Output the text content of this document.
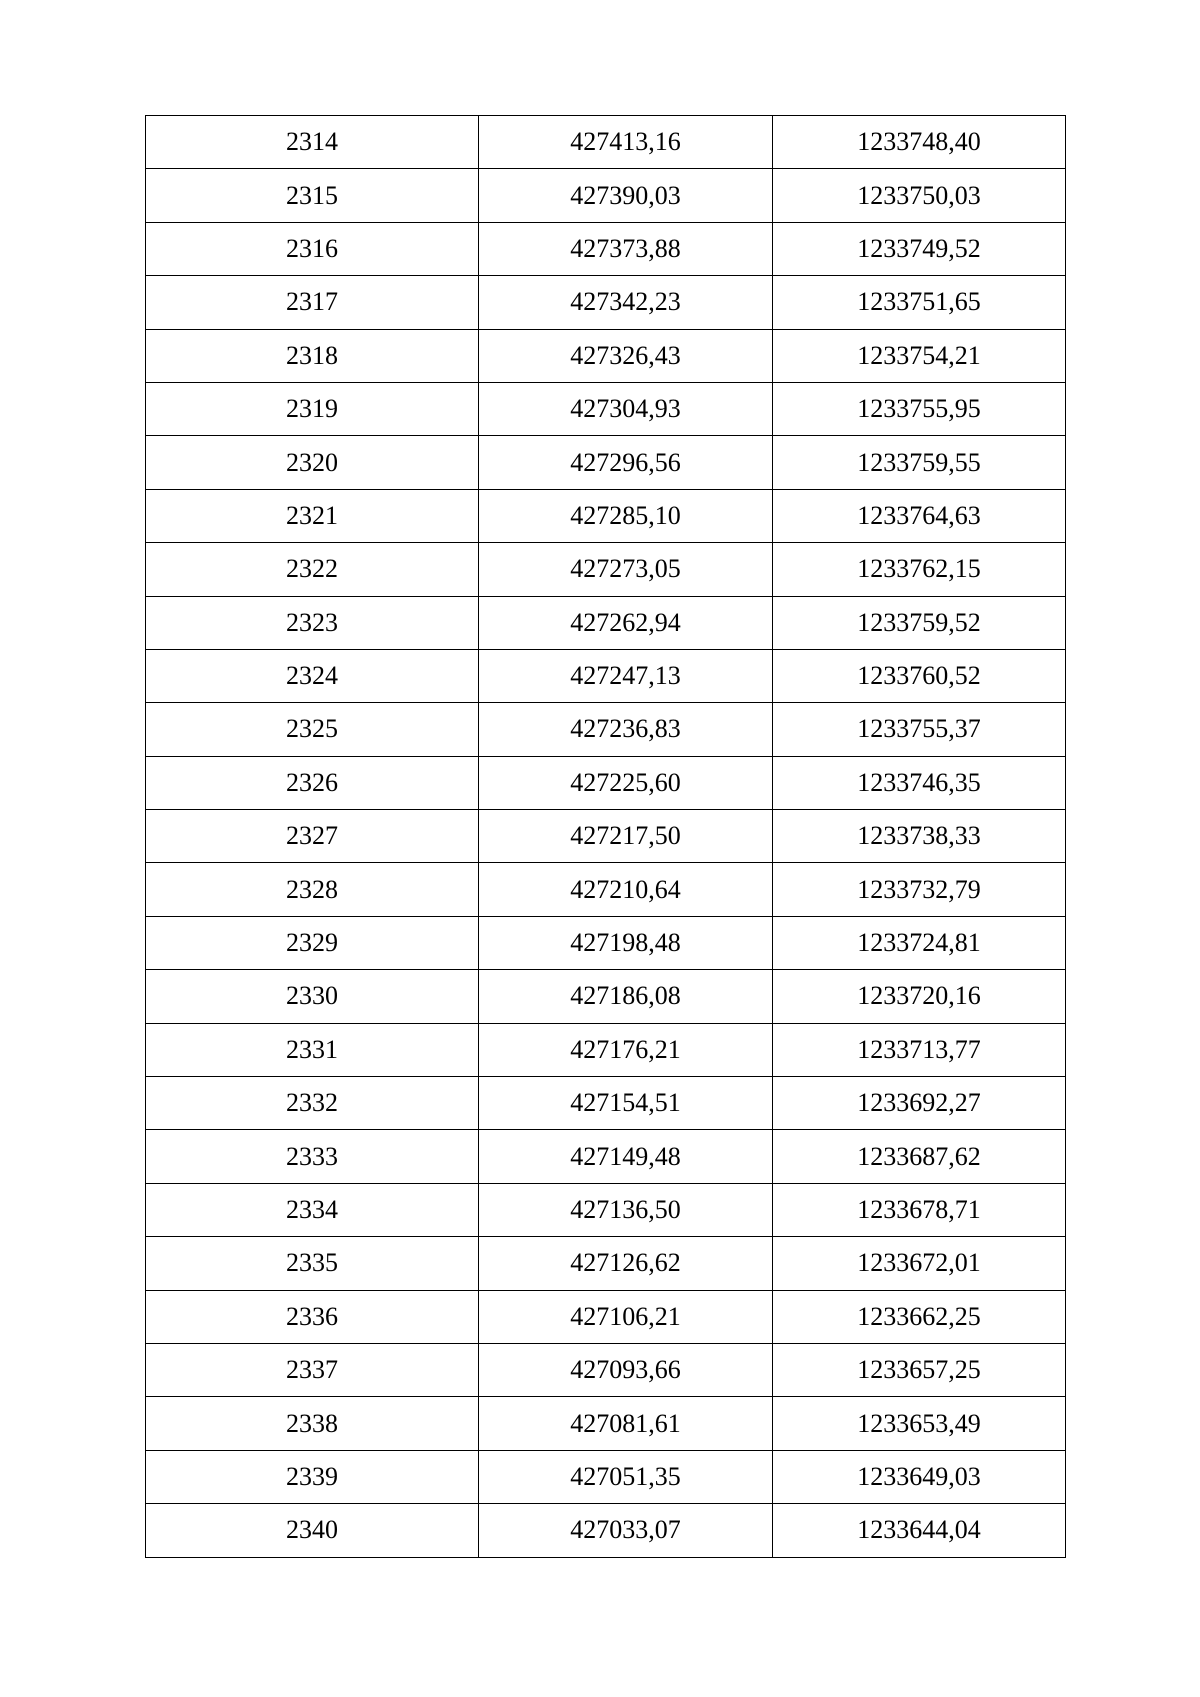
2314	427413,16	1233748,40
2315	427390,03	1233750,03
2316	427373,88	1233749,52
2317	427342,23	1233751,65
2318	427326,43	1233754,21
2319	427304,93	1233755,95
2320	427296,56	1233759,55
2321	427285,10	1233764,63
2322	427273,05	1233762,15
2323	427262,94	1233759,52
2324	427247,13	1233760,52
2325	427236,83	1233755,37
2326	427225,60	1233746,35
2327	427217,50	1233738,33
2328	427210,64	1233732,79
2329	427198,48	1233724,81
2330	427186,08	1233720,16
2331	427176,21	1233713,77
2332	427154,51	1233692,27
2333	427149,48	1233687,62
2334	427136,50	1233678,71
2335	427126,62	1233672,01
2336	427106,21	1233662,25
2337	427093,66	1233657,25
2338	427081,61	1233653,49
2339	427051,35	1233649,03
2340	427033,07	1233644,04
